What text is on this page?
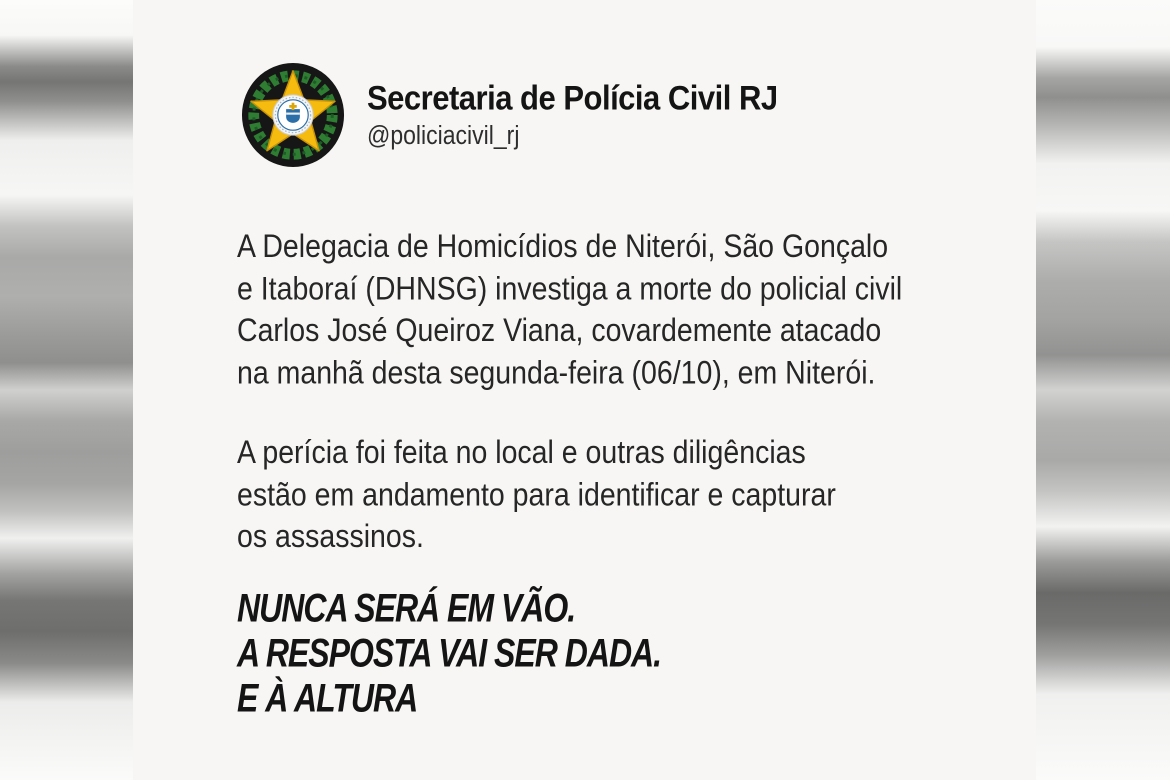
Secretaria de Polícia Civil RJ
@policiacivil_rj
A Delegacia de Homicídios de Niterói, São Gonçalo
e Itaboraí (DHNSG) investiga a morte do policial civil
Carlos José Queiroz Viana, covardemente atacado
na manhã desta segunda-feira (06/10), em Niterói.
A perícia foi feita no local e outras diligências
estão em andamento para identificar e capturar
os assassinos.
NUNCA SERÁ EM VÃO.
A RESPOSTA VAI SER DADA.
E À ALTURA
